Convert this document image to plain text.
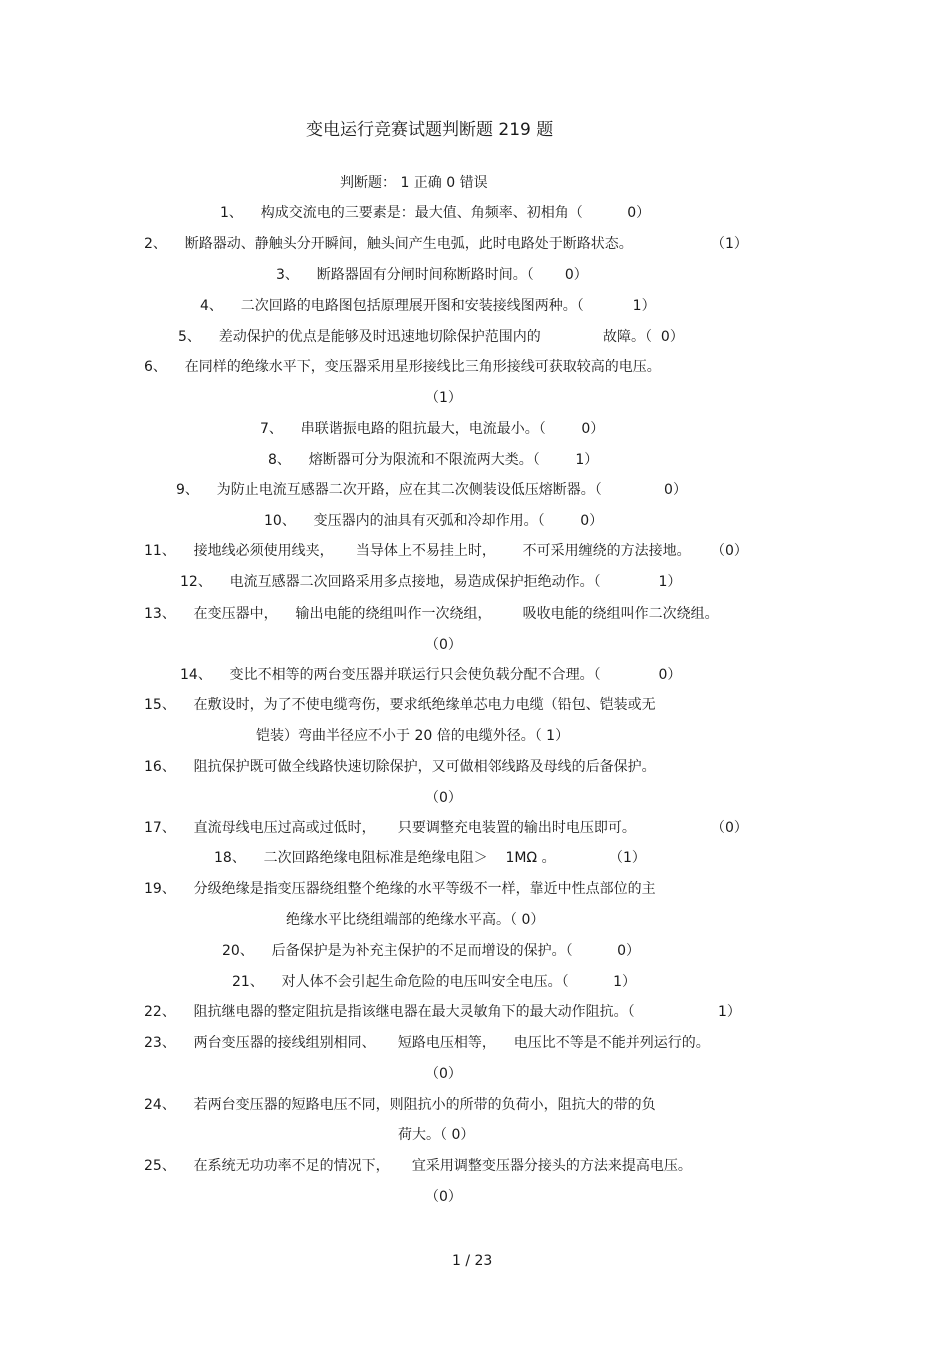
变电运行竞赛试题判断题 219 题
判断题： 1 正确 0 错误
1、 构成交流电的三要素是：最大值、角频率、初相角（          0）
2、 断路器动、静触头分开瞬间，触头间产生电弧，此时电路处于断路状态。	（1）
3、 断路器固有分闸时间称断路时间。（       0）
4、 二次回路的电路图包括原理展开图和安装接线图两种。（           1）
5、 差动保护的优点是能够及时迅速地切除保护范围内的              故障。（  0）
6、 在同样的绝缘水平下，变压器采用星形接线比三角形接线可获取较高的电压。
（1）
7、 串联谐振电路的阻抗最大，电流最小。（        0）
8、 熔断器可分为限流和不限流两大类。（        1）
9、 为防止电流互感器二次开路，应在其二次侧装设低压熔断器。（              0）
10、 变压器内的油具有灭弧和冷却作用。（        0）
11、 接地线必须使用线夹，     当导体上不易挂上时，      不可采用缠绕的方法接地。 （0）
12、 电流互感器二次回路采用多点接地，易造成保护拒绝动作。（             1）
13、 在变压器中，    输出电能的绕组叫作一次绕组，       吸收电能的绕组叫作二次绕组。
（0）
14、 变比不相等的两台变压器并联运行只会使负载分配不合理。（             0）
15、 在敷设时，为了不使电缆弯伤，要求纸绝缘单芯电力电缆（铅包、铠装或无
铠装）弯曲半径应不小于 20 倍的电缆外径。（ 1）
16、 阻抗保护既可做全线路快速切除保护，又可做相邻线路及母线的后备保护。
（0）
17、 直流母线电压过高或过低时，     只要调整充电装置的输出时电压即可。	（0）
18、 二次回路绝缘电阻标准是绝缘电阻＞    1MΩ 。            （1）
19、 分级绝缘是指变压器绕组整个绝缘的水平等级不一样，靠近中性点部位的主
绝缘水平比绕组端部的绝缘水平高。（ 0）
20、 后备保护是为补充主保护的不足而增设的保护。（          0）
21、 对人体不会引起生命危险的电压叫安全电压。（          1）
22、 阻抗继电器的整定阻抗是指该继电器在最大灵敏角下的最大动作阻抗。（	1）
23、 两台变压器的接线组别相同、     短路电压相等，    电压比不等是不能并列运行的。
（0）
24、 若两台变压器的短路电压不同，则阻抗小的所带的负荷小，阻抗大的带的负
荷大。（ 0）
25、 在系统无功功率不足的情况下，     宜采用调整变压器分接头的方法来提高电压。
（0）
1 / 23
